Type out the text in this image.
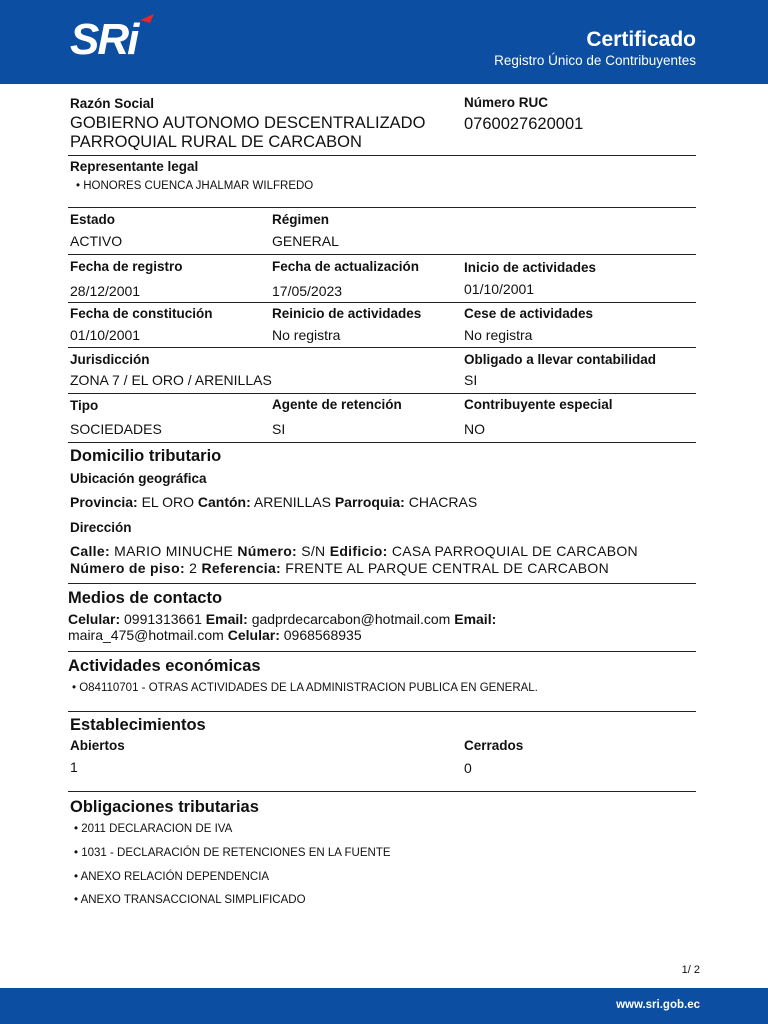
SRi	Certificado
Registro Único de Contribuyentes
Razón Social
GOBIERNO AUTONOMO DESCENTRALIZADO
PARROQUIAL RURAL DE CARCABON
Número RUC
0760027620001
Representante legal
• HONORES CUENCA JHALMAR WILFREDO
Estado
ACTIVO
Régimen
GENERAL
Fecha de registro
28/12/2001
Fecha de actualización
17/05/2023
Inicio de actividades
01/10/2001
Fecha de constitución
01/10/2001
Reinicio de actividades
No registra
Cese de actividades
No registra
Jurisdicción
ZONA 7 / EL ORO / ARENILLAS
Obligado a llevar contabilidad
SI
Tipo
SOCIEDADES
Agente de retención
SI
Contribuyente especial
NO
Domicilio tributario
Ubicación geográfica
Provincia: EL ORO Cantón: ARENILLAS Parroquia: CHACRAS
Dirección
Calle: MARIO MINUCHE Número: S/N Edificio: CASA PARROQUIAL DE CARCABON
Número de piso: 2 Referencia: FRENTE AL PARQUE CENTRAL DE CARCABON
Medios de contacto
Celular: 0991313661 Email: gadprdecarcabon@hotmail.com Email:
maira_475@hotmail.com Celular: 0968568935
Actividades económicas
• O84110701 - OTRAS ACTIVIDADES DE LA ADMINISTRACION PUBLICA EN GENERAL.
Establecimientos
Abiertos
1
Cerrados
0
Obligaciones tributarias
• 2011 DECLARACION DE IVA
• 1031 - DECLARACIÓN DE RETENCIONES EN LA FUENTE
• ANEXO RELACIÓN DEPENDENCIA
• ANEXO TRANSACCIONAL SIMPLIFICADO
1/ 2
www.sri.gob.ec
